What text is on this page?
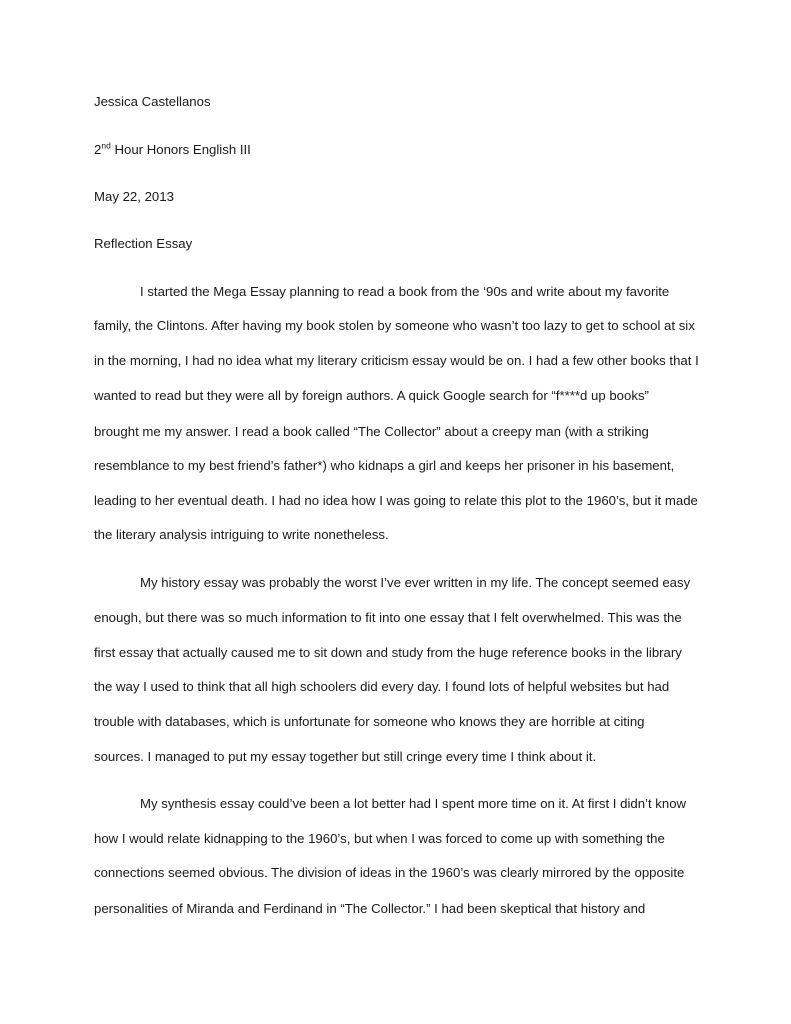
Jessica Castellanos
2nd Hour Honors English III
May 22, 2013
Reflection Essay
I started the Mega Essay planning to read a book from the ‘90s and write about my favorite
family, the Clintons. After having my book stolen by someone who wasn’t too lazy to get to school at six
in the morning, I had no idea what my literary criticism essay would be on. I had a few other books that I
wanted to read but they were all by foreign authors. A quick Google search for “f****d up books”
brought me my answer. I read a book called “The Collector” about a creepy man (with a striking
resemblance to my best friend’s father*) who kidnaps a girl and keeps her prisoner in his basement,
leading to her eventual death. I had no idea how I was going to relate this plot to the 1960’s, but it made
the literary analysis intriguing to write nonetheless.
My history essay was probably the worst I’ve ever written in my life. The concept seemed easy
enough, but there was so much information to fit into one essay that I felt overwhelmed. This was the
first essay that actually caused me to sit down and study from the huge reference books in the library
the way I used to think that all high schoolers did every day. I found lots of helpful websites but had
trouble with databases, which is unfortunate for someone who knows they are horrible at citing
sources. I managed to put my essay together but still cringe every time I think about it.
My synthesis essay could’ve been a lot better had I spent more time on it. At first I didn’t know
how I would relate kidnapping to the 1960’s, but when I was forced to come up with something the
connections seemed obvious. The division of ideas in the 1960’s was clearly mirrored by the opposite
personalities of Miranda and Ferdinand in “The Collector.” I had been skeptical that history and
